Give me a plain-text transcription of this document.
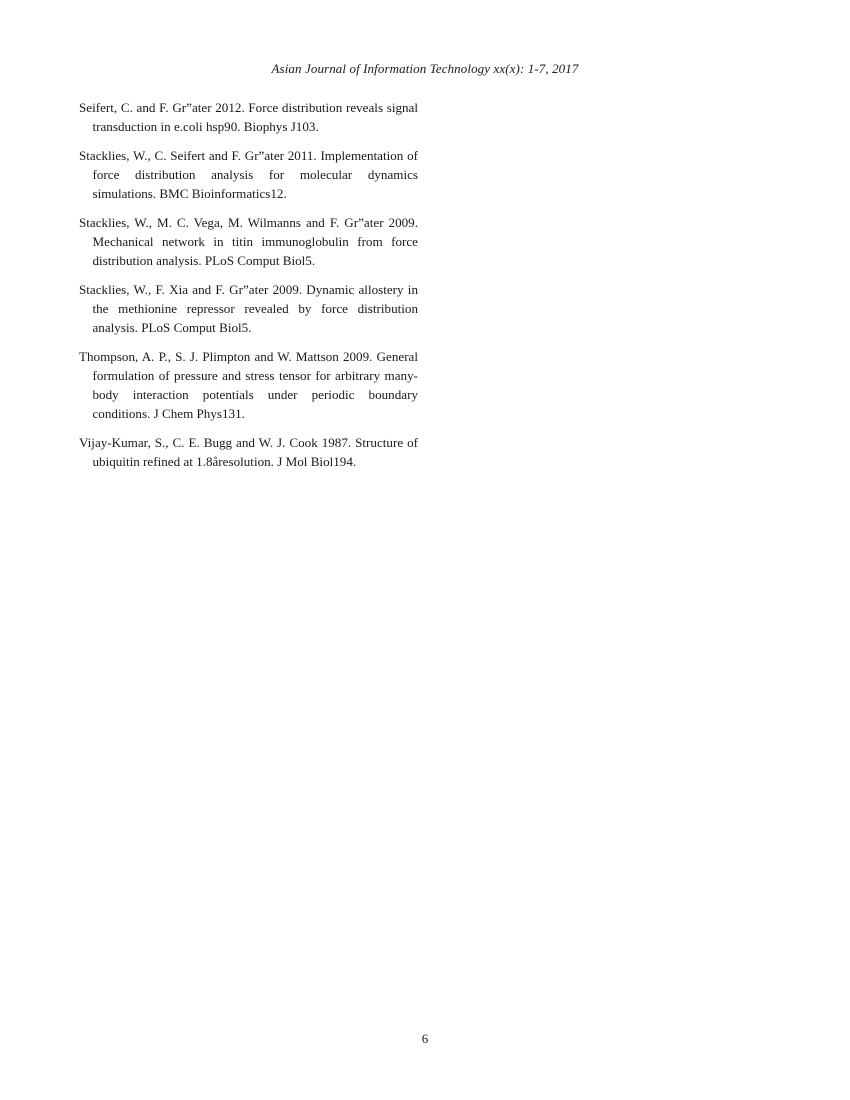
Asian Journal of Information Technology xx(x): 1-7, 2017
Seifert, C. and F. Gr”ater 2012. Force distribution reveals signal transduction in e.coli hsp90. Biophys J103.
Stacklies, W., C. Seifert and F. Gr”ater 2011. Implementation of force distribution analysis for molecular dynamics simulations. BMC Bioinformatics12.
Stacklies, W., M. C. Vega, M. Wilmanns and F. Gr”ater 2009. Mechanical network in titin immunoglobulin from force distribution analysis. PLoS Comput Biol5.
Stacklies, W., F. Xia and F. Gr”ater 2009. Dynamic allostery in the methionine repressor revealed by force distribution analysis. PLoS Comput Biol5.
Thompson, A. P., S. J. Plimpton and W. Mattson 2009. General formulation of pressure and stress tensor for arbitrary many-body interaction potentials under periodic boundary conditions. J Chem Phys131.
Vijay-Kumar, S., C. E. Bugg and W. J. Cook 1987. Structure of ubiquitin refined at 1.8åresolution. J Mol Biol194.
6
